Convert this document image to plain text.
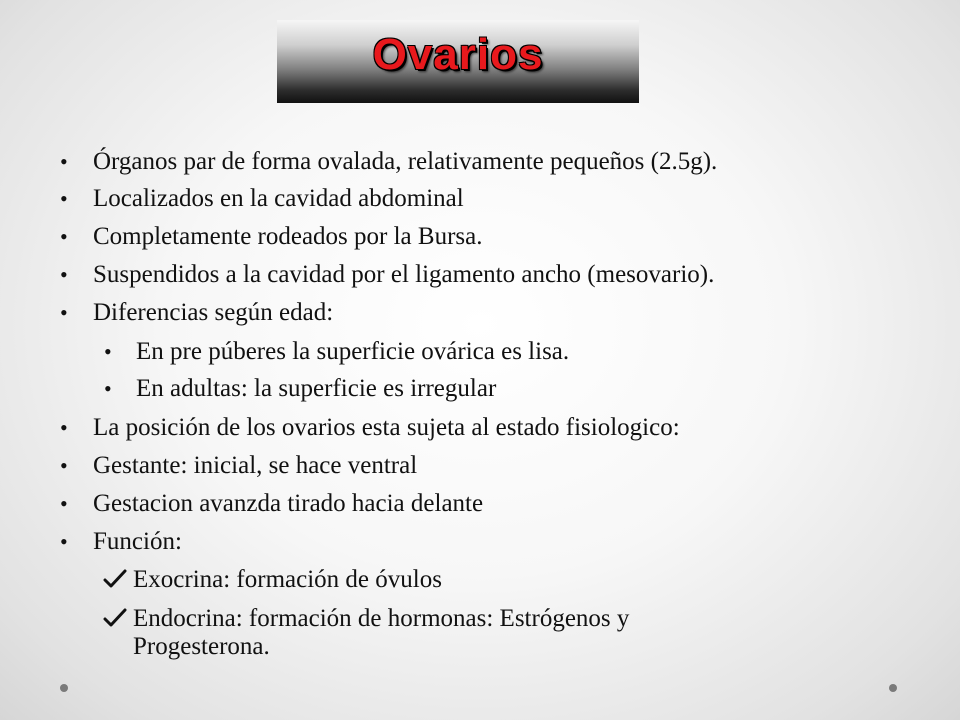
Ovarios
• Órganos par de forma ovalada, relativamente pequeños (2.5g).
• Localizados en la cavidad abdominal
• Completamente rodeados por la Bursa.
• Suspendidos a la cavidad por el ligamento ancho (mesovario).
• Diferencias según edad:
• En pre púberes la superficie ovárica es lisa.
• En adultas: la superficie es irregular
• La posición de los ovarios esta sujeta al estado fisiologico:
• Gestante: inicial, se hace ventral
• Gestacion avanzda tirado hacia delante
• Función:
Exocrina: formación de óvulos
Endocrina: formación de hormonas: Estrógenos y
Progesterona.
